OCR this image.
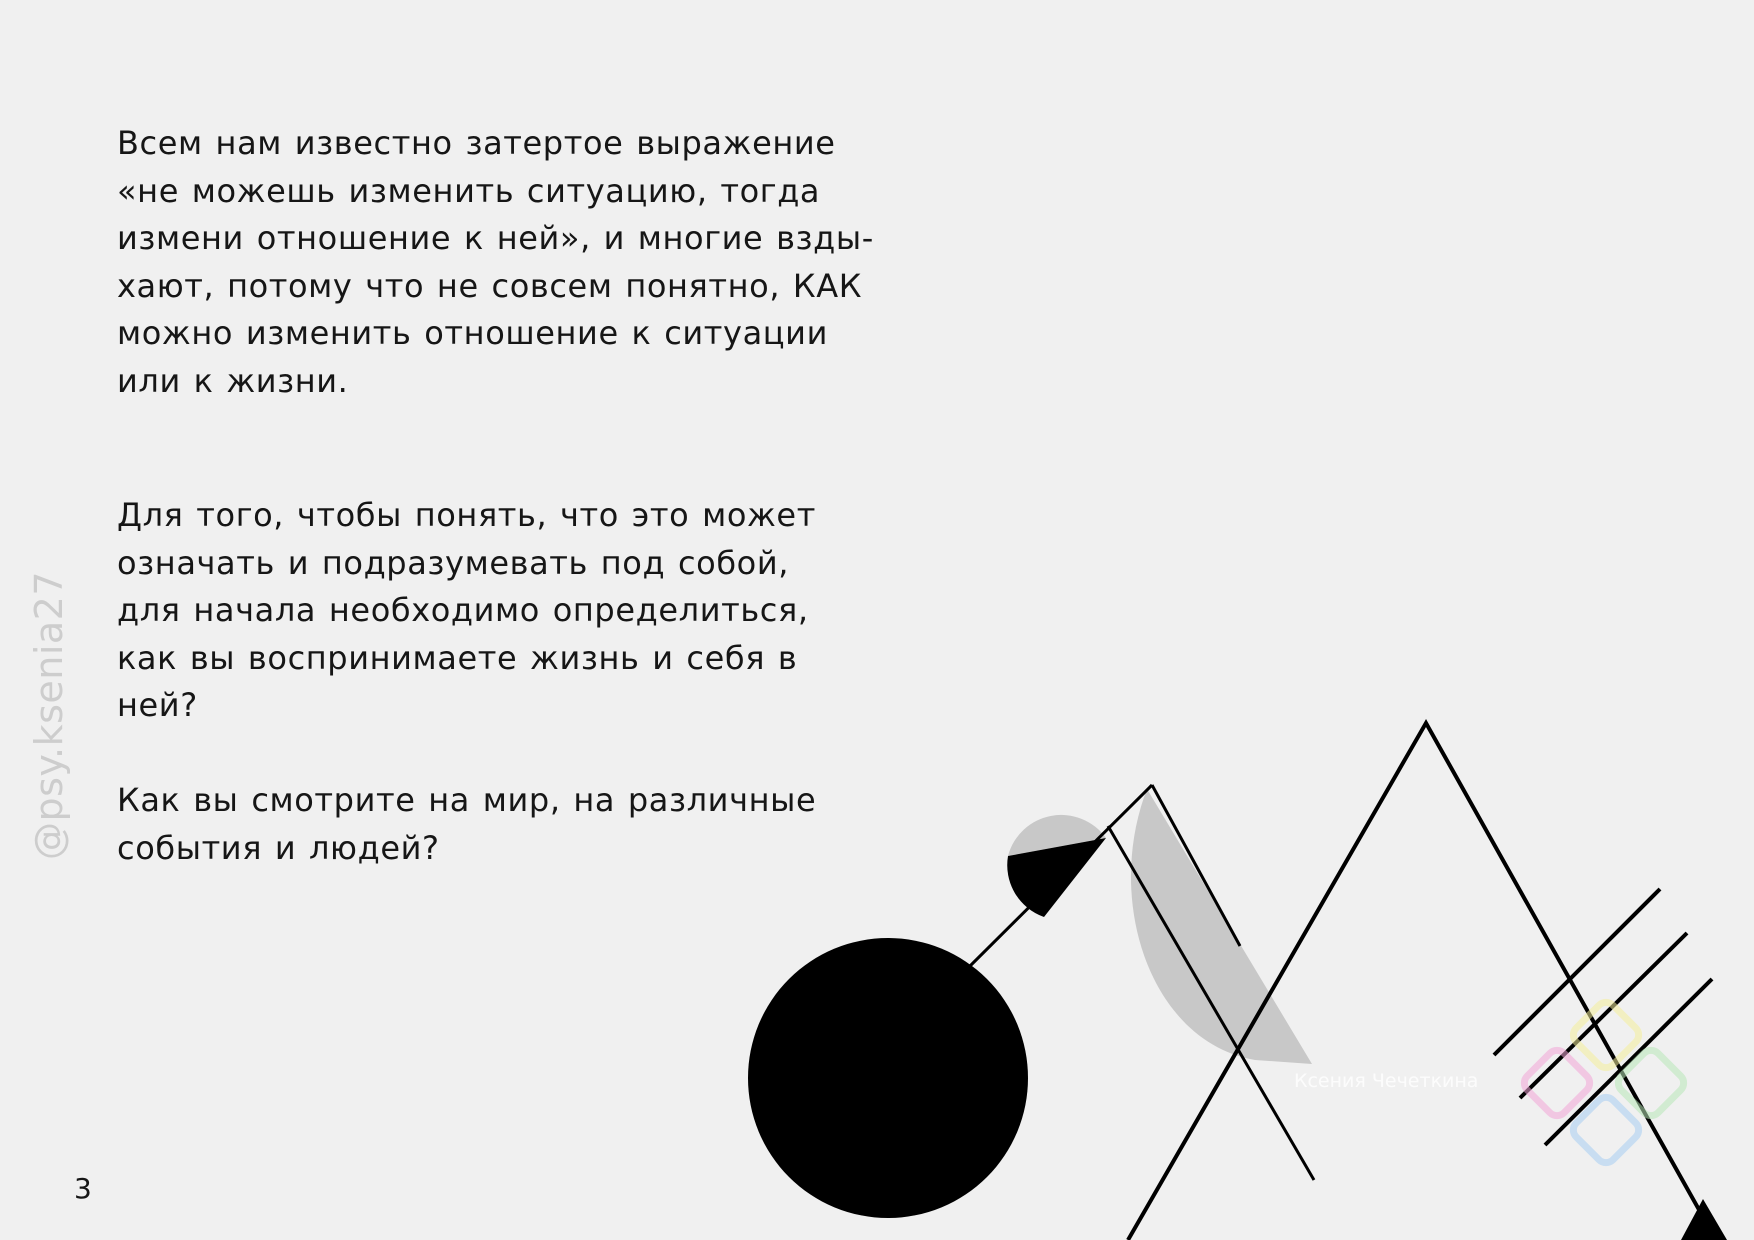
Ксения Чечеткина

Всем нам известно затертое выражение
«не можешь изменить ситуацию, тогда
измени отношение к ней», и многие взды-
хают, потому что не совсем понятно, КАК
можно изменить отношение к ситуации
или к жизни.

Для того, чтобы понять, что это может
означать и подразумевать под собой,
для начала необходимо определиться,
как вы воспринимаете жизнь и себя в
ней?

Как вы смотрите на мир, на различные
события и людей?

@psy.ksenia27
3
